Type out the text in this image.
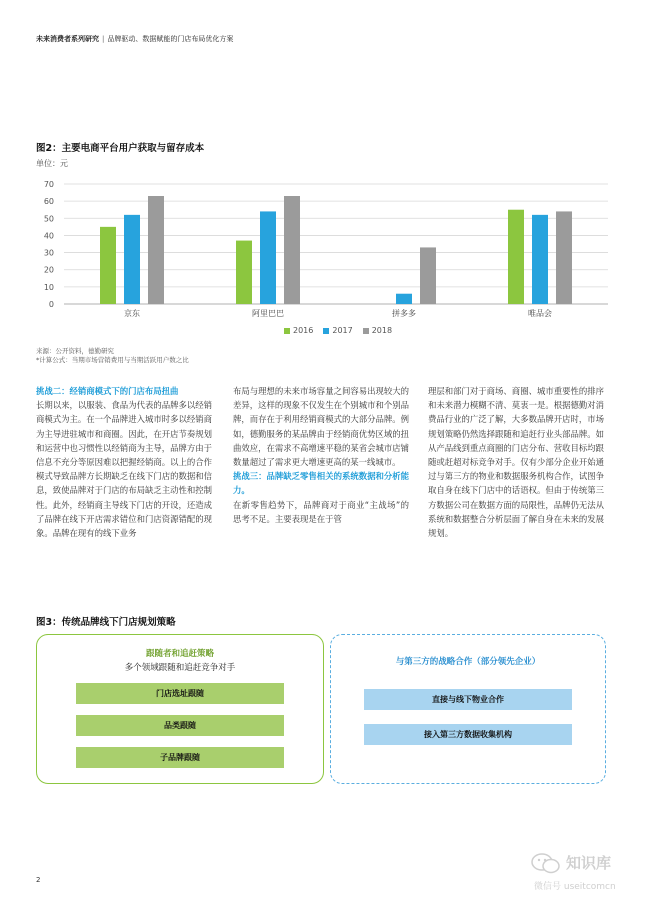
未来消费者系列研究 | 品牌驱动、数据赋能的门店布局优化方案
图2：主要电商平台用户获取与留存成本
单位：元
0
10
20
30
40
50
60
70
京东	阿里巴巴	拼多多	唯品会
2016 2017 2018
来源：公开资料，德勤研究
*计算公式：当期市场营销费用与当期活跃用户数之比
挑战二：经销商模式下的门店布局扭曲
长期以来，以服装、食品为代表的品牌多以经销商模式为主。在一个品牌进入城市时多以经销商为主导进驻城市和商圈。因此，在开店节奏规划和运营中也习惯性以经销商为主导，品牌方由于信息不充分等原因难以把握经销商。以上的合作模式导致品牌方长期缺乏在线下门店的数据和信息，致使品牌对于门店的布局缺乏主动性和控制性。此外，经销商主导线下门店的开设，还造成了品牌在线下开店需求错位和门店资源错配的现象。品牌在现有的线下业务
布局与理想的未来市场容量之间容易出现较大的差异，这样的现象不仅发生在个别城市和个别品牌，而存在于利用经销商模式的大部分品牌。例如，德勤服务的某品牌由于经销商优势区域的扭曲效应，在需求不高增速平稳的某省会城市店铺数量超过了需求更大增速更高的某一线城市。
挑战三：品牌缺乏零售相关的系统数据和分析能力。
在新零售趋势下，品牌商对于商业“主战场”的思考不足。主要表现是在于管
理层和部门对于商场、商圈、城市重要性的排序和未来潜力模糊不清、莫衷一是。根据德勤对消费品行业的广泛了解，大多数品牌开店时，市场规划策略仍然选择跟随和追赶行业头部品牌。如从产品线到重点商圈的门店分布、营收目标均跟随或赶超对标竞争对手。仅有少部分企业开始通过与第三方的物业和数据服务机构合作，试图争取自身在线下门店中的话语权。但由于传统第三方数据公司在数据方面的局限性，品牌仍无法从系统和数据整合分析层面了解自身在未来的发展规划。
图3：传统品牌线下门店规划策略
跟随者和追赶策略
多个领域跟随和追赶竞争对手
门店选址跟随
品类跟随
子品牌跟随
与第三方的战略合作（部分领先企业）
直接与线下物业合作
接入第三方数据收集机构
2
知识库
微信号 useitcomcn
